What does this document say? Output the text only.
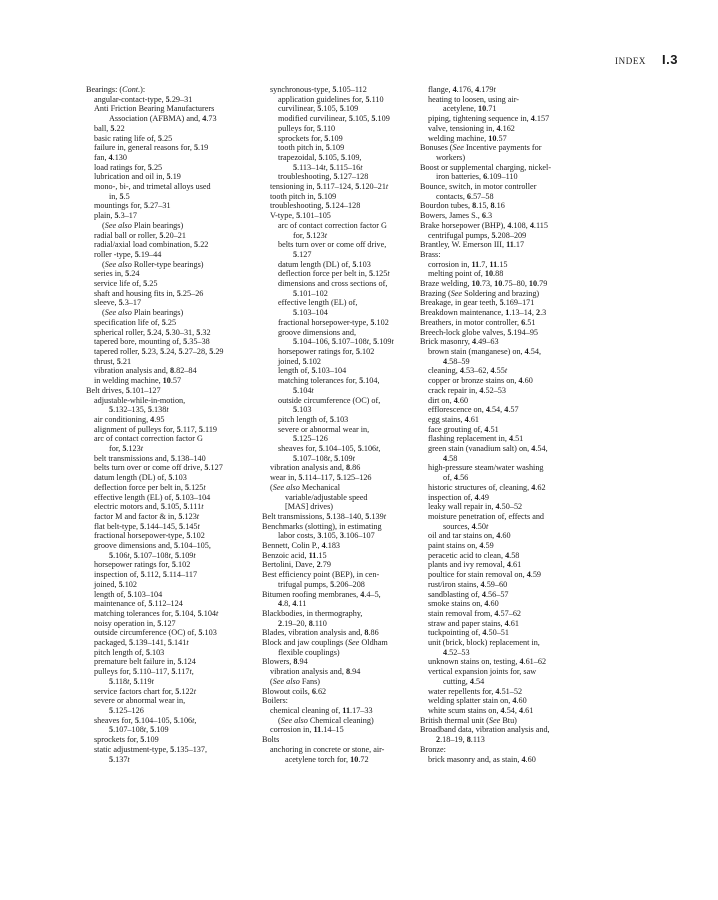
INDEX I.3
Bearings: (Cont.):
angular-contact-type, 5.29–31
Anti Friction Bearing Manufacturers
Association (AFBMA) and, 4.73
ball, 5.22
basic rating life of, 5.25
failure in, general reasons for, 5.19
fan, 4.130
load ratings for, 5.25
lubrication and oil in, 5.19
mono-, bi-, and trimetal alloys used
in, 5.5
mountings for, 5.27–31
plain, 5.3–17
(See also Plain bearings)
radial ball or roller, 5.20–21
radial/axial load combination, 5.22
roller -type, 5.19–44
(See also Roller-type bearings)
series in, 5.24
service life of, 5.25
shaft and housing fits in, 5.25–26
sleeve, 5.3–17
(See also Plain bearings)
specification life of, 5.25
spherical roller, 5.24, 5.30–31, 5.32
tapered bore, mounting of, 5.35–38
tapered roller, 5.23, 5.24, 5.27–28, 5.29
thrust, 5.21
vibration analysis and, 8.82–84
in welding machine, 10.57
Belt drives, 5.101–127
adjustable-while-in-motion,
5.132–135, 5.138t
air conditioning, 4.95
alignment of pulleys for, 5.117, 5.119
arc of contact correction factor G
for, 5.123t
belt transmissions and, 5.138–140
belts turn over or come off drive, 5.127
datum length (DL) of, 5.103
deflection force per belt in, 5.125t
effective length (EL) of, 5.103–104
electric motors and, 5.105, 5.111t
factor M and factor & in, 5.123t
flat belt-type, 5.144–145, 5.145t
fractional horsepower-type, 5.102
groove dimensions and, 5.104–105,
5.106t, 5.107–108t, 5.109t
horsepower ratings for, 5.102
inspection of, 5.112, 5.114–117
joined, 5.102
length of, 5.103–104
maintenance of, 5.112–124
matching tolerances for, 5.104, 5.104t
noisy operation in, 5.127
outside circumference (OC) of, 5.103
packaged, 5.139–141, 5.141t
pitch length of, 5.103
premature belt failure in, 5.124
pulleys for, 5.110–117, 5.117t,
5.118t, 5.119t
service factors chart for, 5.122t
severe or abnormal wear in,
5.125–126
sheaves for, 5.104–105, 5.106t,
5.107–108t, 5.109
sprockets for, 5.109
static adjustment-type, 5.135–137,
5.137t
synchronous-type, 5.105–112
application guidelines for, 5.110
curvilinear, 5.105, 5.109
modified curvilinear, 5.105, 5.109
pulleys for, 5.110
sprockets for, 5.109
tooth pitch in, 5.109
trapezoidal, 5.105, 5.109,
5.113–14t, 5.115–16t
troubleshooting, 5.127–128
tensioning in, 5.117–124, 5.120–21t
tooth pitch in, 5.109
troubleshooting, 5.124–128
V-type, 5.101–105
arc of contact correction factor G
for, 5.123t
belts turn over or come off drive,
5.127
datum length (DL) of, 5.103
deflection force per belt in, 5.125t
dimensions and cross sections of,
5.101–102
effective length (EL) of,
5.103–104
fractional horsepower-type, 5.102
groove dimensions and,
5.104–106, 5.107–108t, 5.109t
horsepower ratings for, 5.102
joined, 5.102
length of, 5.103–104
matching tolerances for, 5.104,
5.104t
outside circumference (OC) of,
5.103
pitch length of, 5.103
severe or abnormal wear in,
5.125–126
sheaves for, 5.104–105, 5.106t,
5.107–108t, 5.109t
vibration analysis and, 8.86
wear in, 5.114–117, 5.125–126
(See also Mechanical
variable/adjustable speed
[MAS] drives)
Belt transmissions, 5.138–140, 5.139t
Benchmarks (slotting), in estimating
labor costs, 3.105, 3.106–107
Bennett, Colin P., 4.183
Benzoic acid, 11.15
Bertolini, Dave, 2.79
Best efficiency point (BEP), in cen-
trifugal pumps, 5.206–208
Bitumen roofing membranes, 4.4–5,
4.8, 4.11
Blackbodies, in thermography,
2.19–20, 8.110
Blades, vibration analysis and, 8.86
Block and jaw couplings (See Oldham
flexible couplings)
Blowers, 8.94
vibration analysis and, 8.94
(See also Fans)
Blowout coils, 6.62
Boilers:
chemical cleaning of, 11.17–33
(See also Chemical cleaning)
corrosion in, 11.14–15
Bolts
anchoring in concrete or stone, air-
acetylene torch for, 10.72
flange, 4.176, 4.179t
heating to loosen, using air-
acetylene, 10.71
piping, tightening sequence in, 4.157
valve, tensioning in, 4.162
welding machine, 10.57
Bonuses (See Incentive payments for
workers)
Boost or supplemental charging, nickel-
iron batteries, 6.109–110
Bounce, switch, in motor controller
contacts, 6.57–58
Bourdon tubes, 8.15, 8.16
Bowers, James S., 6.3
Brake horsepower (BHP), 4.108, 4.115
centrifugal pumps, 5.208–209
Brantley, W. Emerson III, 11.17
Brass:
corrosion in, 11.7, 11.15
melting point of, 10.88
Braze welding, 10.73, 10.75–80, 10.79
Brazing (See Soldering and brazing)
Breakage, in gear teeth, 5.169–171
Breakdown maintenance, 1.13–14, 2.3
Breathers, in motor controller, 6.51
Breech-lock globe valves, 5.194–95
Brick masonry, 4.49–63
brown stain (manganese) on, 4.54,
4.58–59
cleaning, 4.53–62, 4.55t
copper or bronze stains on, 4.60
crack repair in, 4.52–53
dirt on, 4.60
efflorescence on, 4.54, 4.57
egg stains, 4.61
face grouting of, 4.51
flashing replacement in, 4.51
green stain (vanadium salt) on, 4.54,
4.58
high-pressure steam/water washing
of, 4.56
historic structures of, cleaning, 4.62
inspection of, 4.49
leaky wall repair in, 4.50–52
moisture penetration of, effects and
sources, 4.50t
oil and tar stains on, 4.60
paint stains on, 4.59
peracetic acid to clean, 4.58
plants and ivy removal, 4.61
poultice for stain removal on, 4.59
rust/iron stains, 4.59–60
sandblasting of, 4.56–57
smoke stains on, 4.60
stain removal from, 4.57–62
straw and paper stains, 4.61
tuckpointing of, 4.50–51
unit (brick, block) replacement in,
4.52–53
unknown stains on, testing, 4.61–62
vertical expansion joints for, saw
cutting, 4.54
water repellents for, 4.51–52
welding splatter stain on, 4.60
white scum stains on, 4.54, 4.61
British thermal unit (See Btu)
Broadband data, vibration analysis and,
2.18–19, 8.113
Bronze:
brick masonry and, as stain, 4.60
